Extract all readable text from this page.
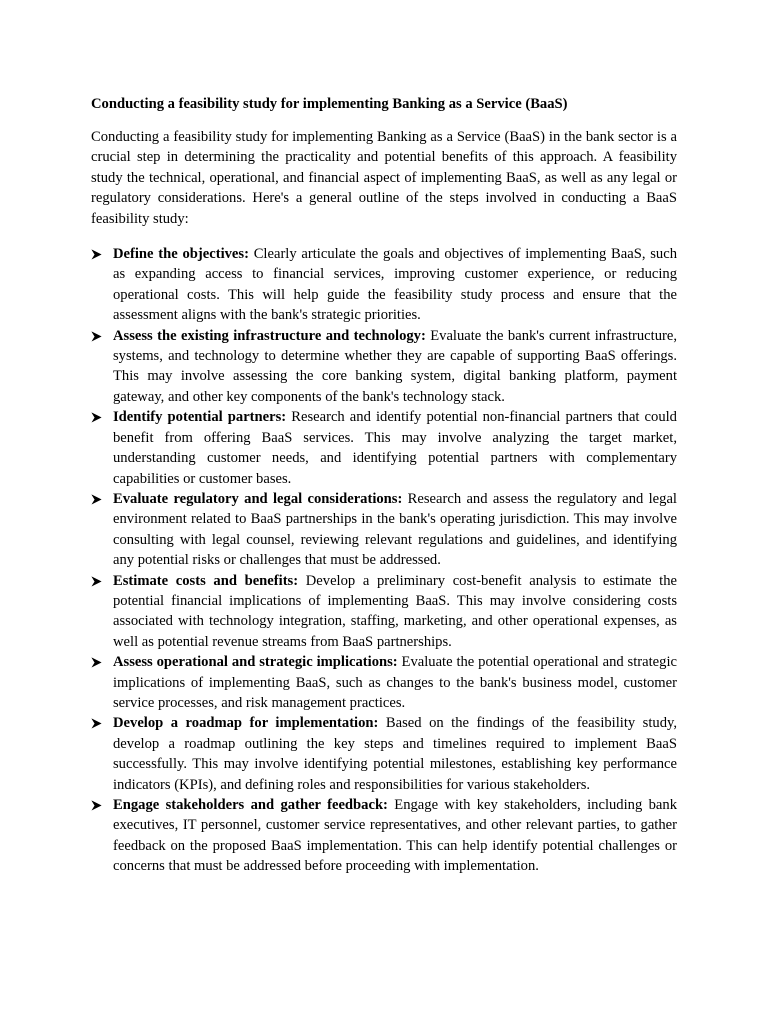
Conducting a feasibility study for implementing Banking as a Service (BaaS)

Conducting a feasibility study for implementing Banking as a Service (BaaS) in the bank sector is a crucial step in determining the practicality and potential benefits of this approach. A feasibility study the technical, operational, and financial aspect of implementing BaaS, as well as any legal or regulatory considerations. Here's a general outline of the steps involved in conducting a BaaS feasibility study:

Define the objectives: Clearly articulate the goals and objectives of implementing BaaS, such as expanding access to financial services, improving customer experience, or reducing operational costs. This will help guide the feasibility study process and ensure that the assessment aligns with the bank's strategic priorities.
Assess the existing infrastructure and technology: Evaluate the bank's current infrastructure, systems, and technology to determine whether they are capable of supporting BaaS offerings. This may involve assessing the core banking system, digital banking platform, payment gateway, and other key components of the bank's technology stack.
Identify potential partners: Research and identify potential non-financial partners that could benefit from offering BaaS services. This may involve analyzing the target market, understanding customer needs, and identifying potential partners with complementary capabilities or customer bases.
Evaluate regulatory and legal considerations: Research and assess the regulatory and legal environment related to BaaS partnerships in the bank's operating jurisdiction. This may involve consulting with legal counsel, reviewing relevant regulations and guidelines, and identifying any potential risks or challenges that must be addressed.
Estimate costs and benefits: Develop a preliminary cost-benefit analysis to estimate the potential financial implications of implementing BaaS. This may involve considering costs associated with technology integration, staffing, marketing, and other operational expenses, as well as potential revenue streams from BaaS partnerships.
Assess operational and strategic implications: Evaluate the potential operational and strategic implications of implementing BaaS, such as changes to the bank's business model, customer service processes, and risk management practices.
Develop a roadmap for implementation: Based on the findings of the feasibility study, develop a roadmap outlining the key steps and timelines required to implement BaaS successfully. This may involve identifying potential milestones, establishing key performance indicators (KPIs), and defining roles and responsibilities for various stakeholders.
Engage stakeholders and gather feedback: Engage with key stakeholders, including bank executives, IT personnel, customer service representatives, and other relevant parties, to gather feedback on the proposed BaaS implementation. This can help identify potential challenges or concerns that must be addressed before proceeding with implementation.
